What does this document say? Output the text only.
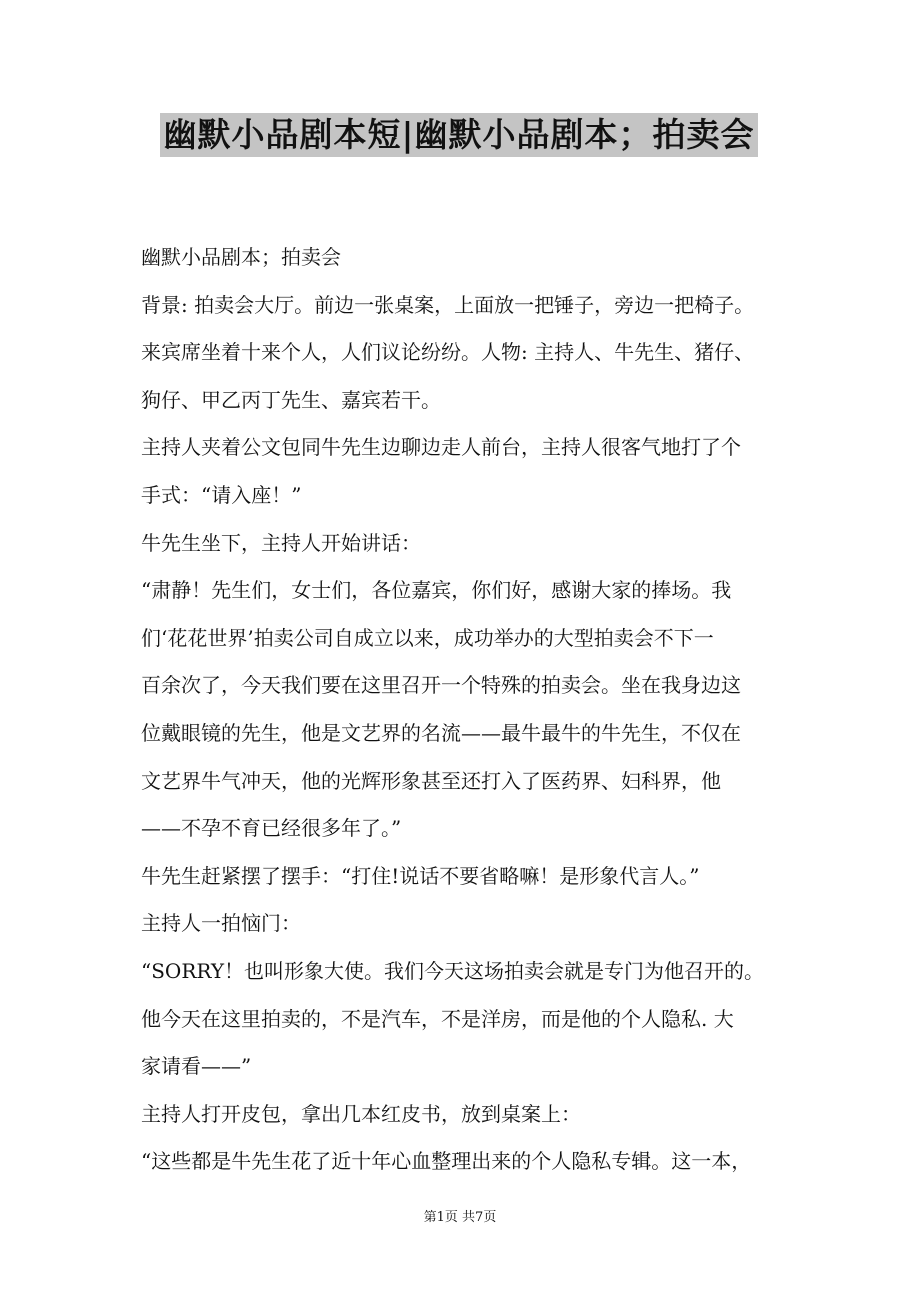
幽默小品剧本短|幽默小品剧本；拍卖会
幽默小品剧本；拍卖会
背景: 拍卖会大厅。前边一张桌案，上面放一把锤子，旁边一把椅子。
来宾席坐着十来个人，人们议论纷纷。人物: 主持人、牛先生、猪仔、
狗仔、甲乙丙丁先生、嘉宾若干。
主持人夹着公文包同牛先生边聊边走人前台，主持人很客气地打了个
手式：“请入座！”
牛先生坐下，主持人开始讲话：
“肃静！先生们，女士们，各位嘉宾，你们好，感谢大家的捧场。我
们‘花花世界’拍卖公司自成立以来，成功举办的大型拍卖会不下一
百余次了，今天我们要在这里召开一个特殊的拍卖会。坐在我身边这
位戴眼镜的先生，他是文艺界的名流——最牛最牛的牛先生，不仅在
文艺界牛气冲天，他的光辉形象甚至还打入了医药界、妇科界，他
——不孕不育已经很多年了。”
牛先生赶紧摆了摆手：“打住!说话不要省略嘛！是形象代言人。”
主持人一拍恼门：
“SORRY！也叫形象大使。我们今天这场拍卖会就是专门为他召开的。
他今天在这里拍卖的，不是汽车，不是洋房，而是他的个人隐私. 大
家请看——”
主持人打开皮包，拿出几本红皮书，放到桌案上：
“这些都是牛先生花了近十年心血整理出来的个人隐私专辑。这一本，
第1页 共7页
